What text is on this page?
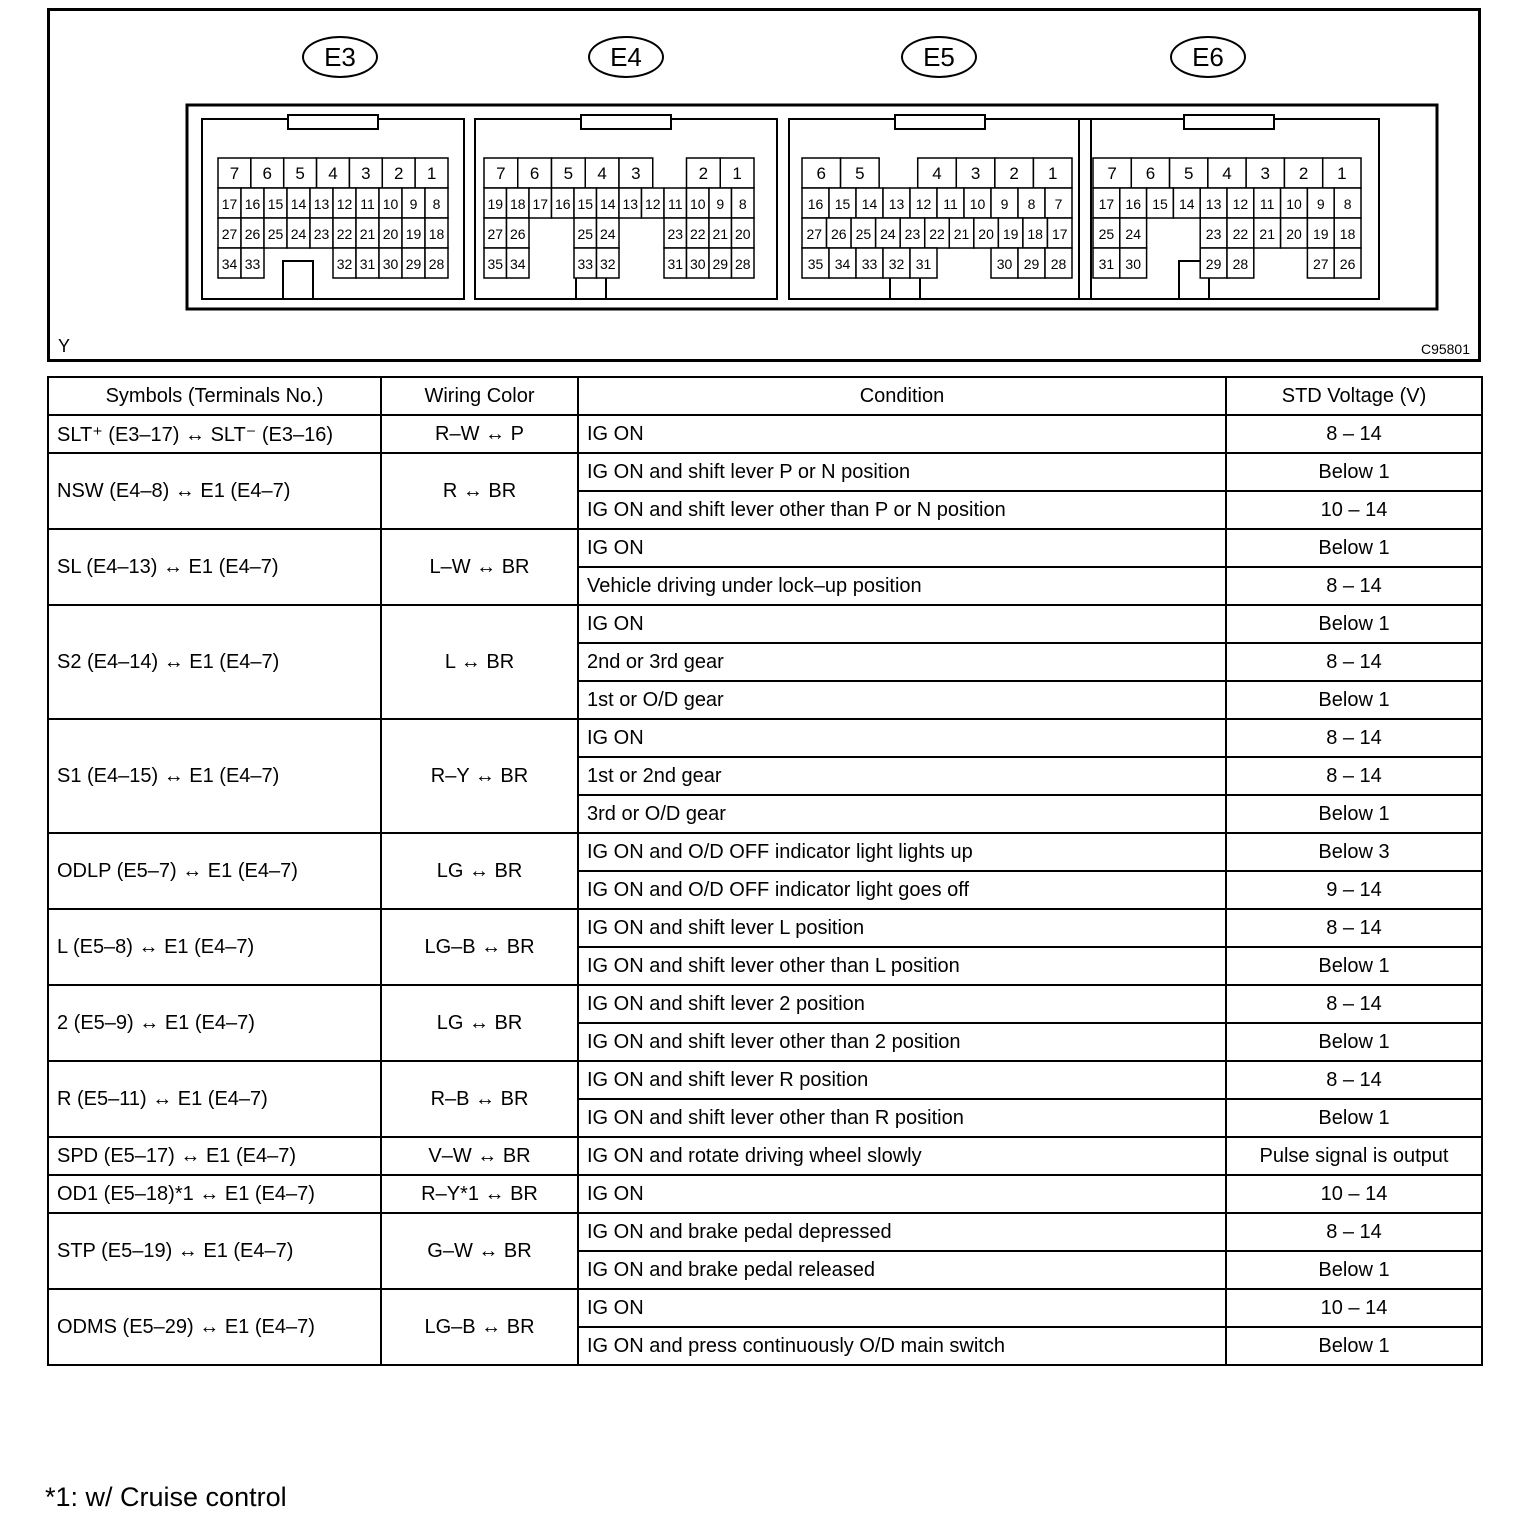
7 6 5 4 3 2 1
17 16 15 14 13 12 11 10 9 8
27 26 25 24 23 22 21 20 19 18
34 33	32 31 30 29 28
7 6 5 4 3	2 1
19 18 17 16 15 14 13 12 11 10 9 8
27 26	25 24	23 22 21 20
35 34	33 32	31 30 29 28
6 5	4 3 2 1
16 15 14 13 12 11 10 9 8 7
27 26 25 24 23 22 21 20 19 18 17
35 34 33 32 31	30 29 28
7 6 5 4 3 2 1
17 16 15 14 13 12 11 10 9 8
25 24	23 22 21 20 19 18
31 30	29 28	27 26
E3	E4	E5	E6
Y	C95801
Symbols (Terminals No.)	Wiring Color	Condition	STD Voltage (V)
SLT⁺ (E3–17) ↔ SLT⁻ (E3–16)	R–W ↔ P	IG ON	8 – 14
NSW (E4–8) ↔ E1 (E4–7)	R ↔ BR	IG ON and shift lever P or N position	Below 1
		IG ON and shift lever other than P or N position	10 – 14
SL (E4–13) ↔ E1 (E4–7)	L–W ↔ BR	IG ON	Below 1
		Vehicle driving under lock–up position	8 – 14
S2 (E4–14) ↔ E1 (E4–7)	L ↔ BR	IG ON	Below 1
		2nd or 3rd gear	8 – 14
		1st or O/D gear	Below 1
S1 (E4–15) ↔ E1 (E4–7)	R–Y ↔ BR	IG ON	8 – 14
		1st or 2nd gear	8 – 14
		3rd or O/D gear	Below 1
ODLP (E5–7) ↔ E1 (E4–7)	LG ↔ BR	IG ON and O/D OFF indicator light lights up	Below 3
		IG ON and O/D OFF indicator light goes off	9 – 14
L (E5–8) ↔ E1 (E4–7)	LG–B ↔ BR	IG ON and shift lever L position	8 – 14
		IG ON and shift lever other than L position	Below 1
2 (E5–9) ↔ E1 (E4–7)	LG ↔ BR	IG ON and shift lever 2 position	8 – 14
		IG ON and shift lever other than 2 position	Below 1
R (E5–11) ↔ E1 (E4–7)	R–B ↔ BR	IG ON and shift lever R position	8 – 14
		IG ON and shift lever other than R position	Below 1
SPD (E5–17) ↔ E1 (E4–7)	V–W ↔ BR	IG ON and rotate driving wheel slowly	Pulse signal is output
OD1 (E5–18)*1 ↔ E1 (E4–7)	R–Y*1 ↔ BR	IG ON	10 – 14
STP (E5–19) ↔ E1 (E4–7)	G–W ↔ BR	IG ON and brake pedal depressed	8 – 14
		IG ON and brake pedal released	Below 1
ODMS (E5–29) ↔ E1 (E4–7)	LG–B ↔ BR	IG ON	10 – 14
		IG ON and press continuously O/D main switch	Below 1
*1: w/ Cruise control
